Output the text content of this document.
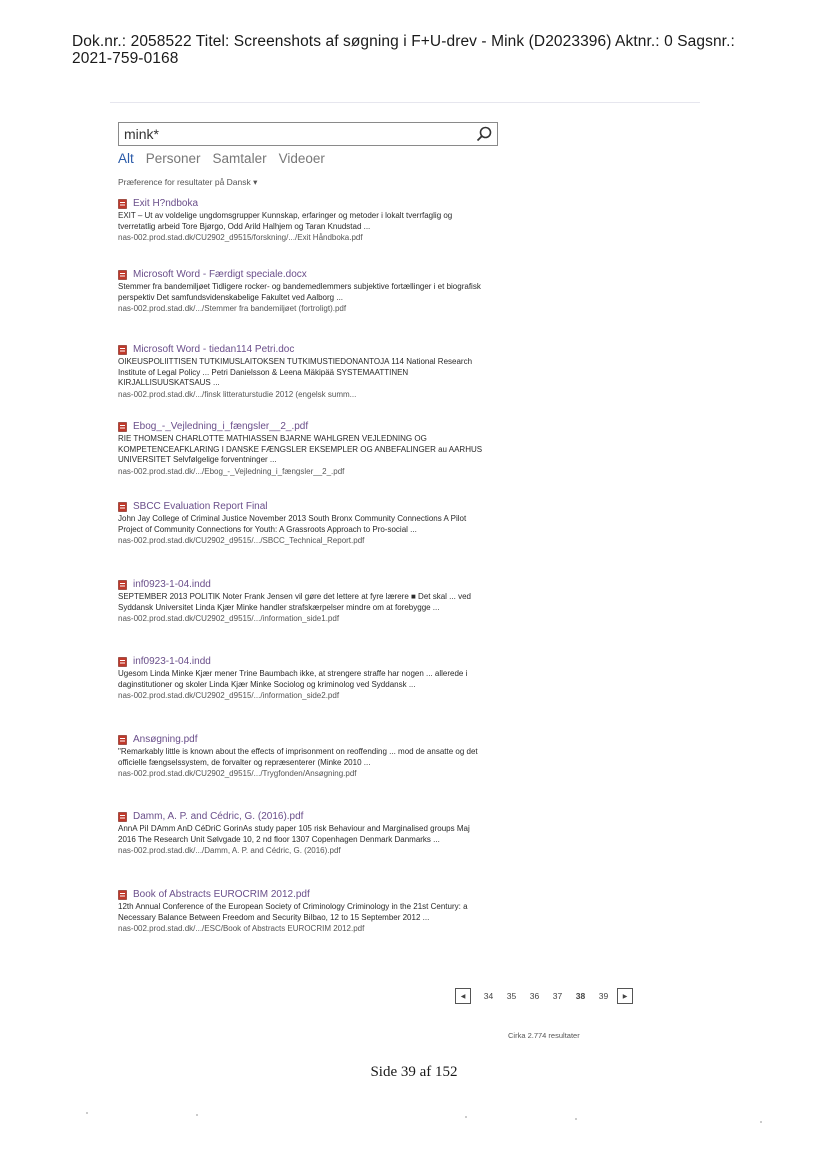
Dok.nr.: 2058522 Titel: Screenshots af søgning i F+U-drev - Mink (D2023396) Aktnr.: 0 Sagsnr.:
2021-759-0168
mink*
Alt Personer Samtaler Videoer
Præference for resultater på Dansk ▾
Exit H?ndboka
EXIT – Ut av voldelige ungdomsgrupper Kunnskap, erfaringer og metoder i lokalt tverrfaglig og tverretatlig arbeid Tore Bjørgo, Odd Arild Halhjem og Taran Knudstad ...
nas-002.prod.stad.dk/CU2902_d9515/forskning/.../Exit Håndboka.pdf
Microsoft Word - Færdigt speciale.docx
Stemmer fra bandemiljøet Tidligere rocker- og bandemedlemmers subjektive fortællinger i et biografisk perspektiv Det samfundsvidenskabelige Fakultet ved Aalborg ...
nas-002.prod.stad.dk/.../Stemmer fra bandemiljøet (fortroligt).pdf
Microsoft Word - tiedan114 Petri.doc
OIKEUSPOLIITTISEN TUTKIMUSLAITOKSEN TUTKIMUSTIEDONANTOJA 114 National Research Institute of Legal Policy ... Petri Danielsson & Leena Mäkipää SYSTEMAATTINEN KIRJALLISUUSKATSAUS ...
nas-002.prod.stad.dk/.../finsk litteraturstudie 2012 (engelsk summ...
Ebog_-_Vejledning_i_fængsler__2_.pdf
RIE THOMSEN CHARLOTTE MATHIASSEN BJARNE WAHLGREN VEJLEDNING OG KOMPETENCEAFKLARING I DANSKE FÆNGSLER EKSEMPLER OG ANBEFALINGER au AARHUS UNIVERSITET Selvfølgelige forventninger ...
nas-002.prod.stad.dk/.../Ebog_-_Vejledning_i_fængsler__2_.pdf
SBCC Evaluation Report Final
John Jay College of Criminal Justice November 2013 South Bronx Community Connections A Pilot Project of Community Connections for Youth: A Grassroots Approach to Pro-social ...
nas-002.prod.stad.dk/CU2902_d9515/.../SBCC_Technical_Report.pdf
inf0923-1-04.indd
SEPTEMBER 2013 POLITIK Noter Frank Jensen vil gøre det lettere at fyre lærere ■ Det skal ... ved Syddansk Universitet Linda Kjær Minke handler strafskærpelser mindre om at forebygge ...
nas-002.prod.stad.dk/CU2902_d9515/.../information_side1.pdf
inf0923-1-04.indd
Ugesom Linda Minke Kjær mener Trine Baumbach ikke, at strengere straffe har nogen ... allerede i daginstitutioner og skoler Linda Kjær Minke Sociolog og kriminolog ved Syddansk ...
nas-002.prod.stad.dk/CU2902_d9515/.../information_side2.pdf
Ansøgning.pdf
"Remarkably little is known about the effects of imprisonment on reoffending ... mod de ansatte og det officielle fængselssystem, de forvalter og repræsenterer (Minke 2010 ...
nas-002.prod.stad.dk/CU2902_d9515/.../Trygfonden/Ansøgning.pdf
Damm, A. P. and Cédric, G. (2016).pdf
AnnA PiI DAmm AnD CéDriC GorinAs study paper 105 risk Behaviour and Marginalised groups Maj 2016 The Research Unit Sølvgade 10, 2 nd floor 1307 Copenhagen Denmark Danmarks ...
nas-002.prod.stad.dk/.../Damm, A. P. and Cédric, G. (2016).pdf
Book of Abstracts EUROCRIM 2012.pdf
12th Annual Conference of the European Society of Criminology Criminology in the 21st Century: a Necessary Balance Between Freedom and Security Bilbao, 12 to 15 September 2012 ...
nas-002.prod.stad.dk/.../ESC/Book of Abstracts EUROCRIM 2012.pdf
◀	34	35	36	37	38	39	▶
Cirka 2.774 resultater
Side 39 af 152
